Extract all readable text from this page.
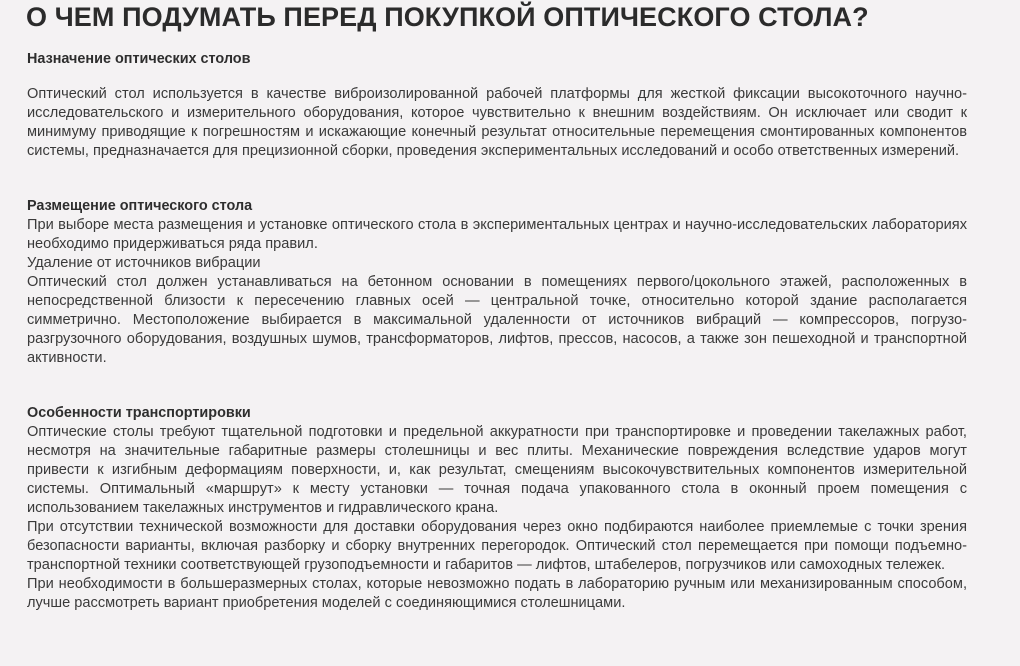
О ЧЕМ ПОДУМАТЬ ПЕРЕД ПОКУПКОЙ ОПТИЧЕСКОГО СТОЛА?
Назначение оптических столов

Оптический стол используется в качестве виброизолированной рабочей платформы для жесткой фиксации высокоточного научно-исследовательского и измерительного оборудования, которое чувствительно к внешним воздействиям. Он исключает или сводит к минимуму приводящие к погрешностям и искажающие конечный результат относительные перемещения смонтированных компонентов системы, предназначается для прецизионной сборки, проведения экспериментальных исследований и особо ответственных измерений.

Размещение оптического стола

При выборе места размещения и установке оптического стола в экспериментальных центрах и научно-исследовательских лабораториях необходимо придерживаться ряда правил.

Удаление от источников вибрации

Оптический стол должен устанавливаться на бетонном основании в помещениях первого/цокольного этажей, расположенных в непосредственной близости к пересечению главных осей — центральной точке, относительно которой здание располагается симметрично. Местоположение выбирается в максимальной удаленности от источников вибраций — компрессоров, погрузо-разгрузочного оборудования, воздушных шумов, трансформаторов, лифтов, прессов, насосов, а также зон пешеходной и транспортной активности.

Особенности транспортировки

Оптические столы требуют тщательной подготовки и предельной аккуратности при транспортировке и проведении такелажных работ, несмотря на значительные габаритные размеры столешницы и вес плиты. Механические повреждения вследствие ударов могут привести к изгибным деформациям поверхности, и, как результат, смещениям высокочувствительных компонентов измерительной системы. Оптимальный «маршрут» к месту установки — точная подача упакованного стола в оконный проем помещения с использованием такелажных инструментов и гидравлического крана.

При отсутствии технической возможности для доставки оборудования через окно подбираются наиболее приемлемые с точки зрения безопасности варианты, включая разборку и сборку внутренних перегородок. Оптический стол перемещается при помощи подъемно-транспортной техники соответствующей грузоподъемности и габаритов — лифтов, штабелеров, погрузчиков или самоходных тележек.

При необходимости в большеразмерных столах, которые невозможно подать в лабораторию ручным или механизированным способом, лучше рассмотреть вариант приобретения моделей с соединяющимися столешницами.
